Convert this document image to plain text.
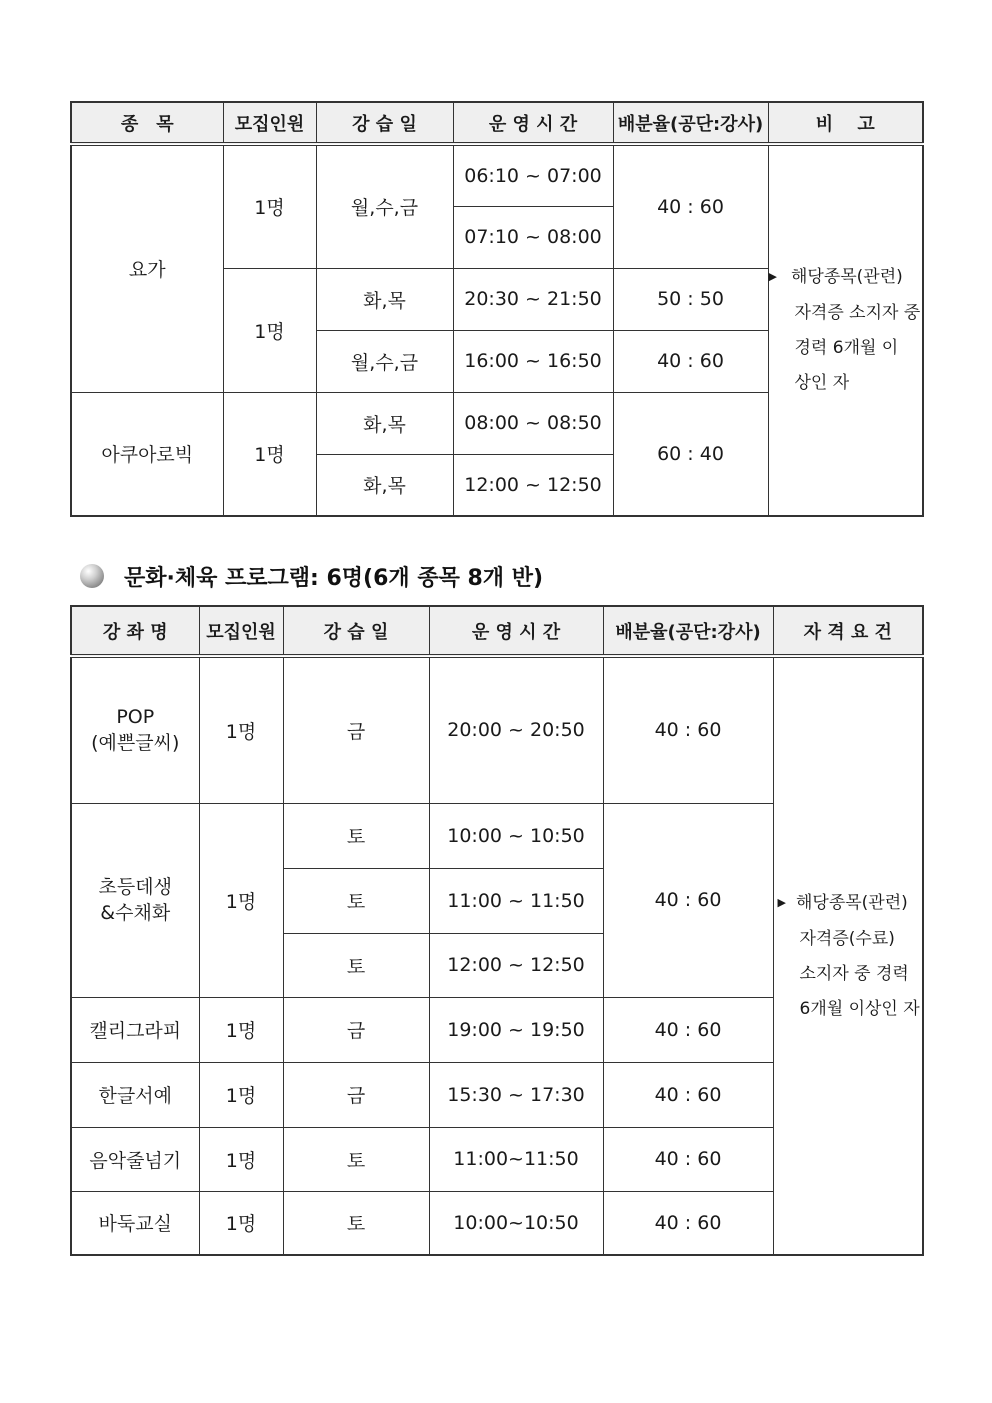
종　목	모집인원	강 습 일	운 영 시 간	배분율(공단:강사)	비　 고
요가	1명	월,수,금	06:10 ~ 07:00	40 : 60	▶ 해당종목(관련)
자격증 소지자 중
경력 6개월 이
상인 자

			07:10 ~ 08:00		
	1명	화,목	20:30 ~ 21:50	50 : 50	
		월,수,금	16:00 ~ 16:50	40 : 60	
아쿠아로빅	1명	화,목	08:00 ~ 08:50	60 : 40	
		화,목	12:00 ~ 12:50		
문화·체육 프로그램: 6명(6개 종목 8개 반)
강 좌 명	모집인원	강 습 일	운 영 시 간	배분율(공단:강사)	자 격 요 건
POP
(예쁜글씨)	1명	금	20:00 ~ 20:50	40 : 60	▶ 해당종목(관련)
자격증(수료)
소지자 중 경력
6개월 이상인 자

초등데생
&수채화	1명	토	10:00 ~ 10:50	40 : 60	
		토	11:00 ~ 11:50		
		토	12:00 ~ 12:50		
캘리그라피	1명	금	19:00 ~ 19:50	40 : 60	
한글서예	1명	금	15:30 ~ 17:30	40 : 60	
음악줄넘기	1명	토	11:00~11:50	40 : 60	
바둑교실	1명	토	10:00~10:50	40 : 60	
